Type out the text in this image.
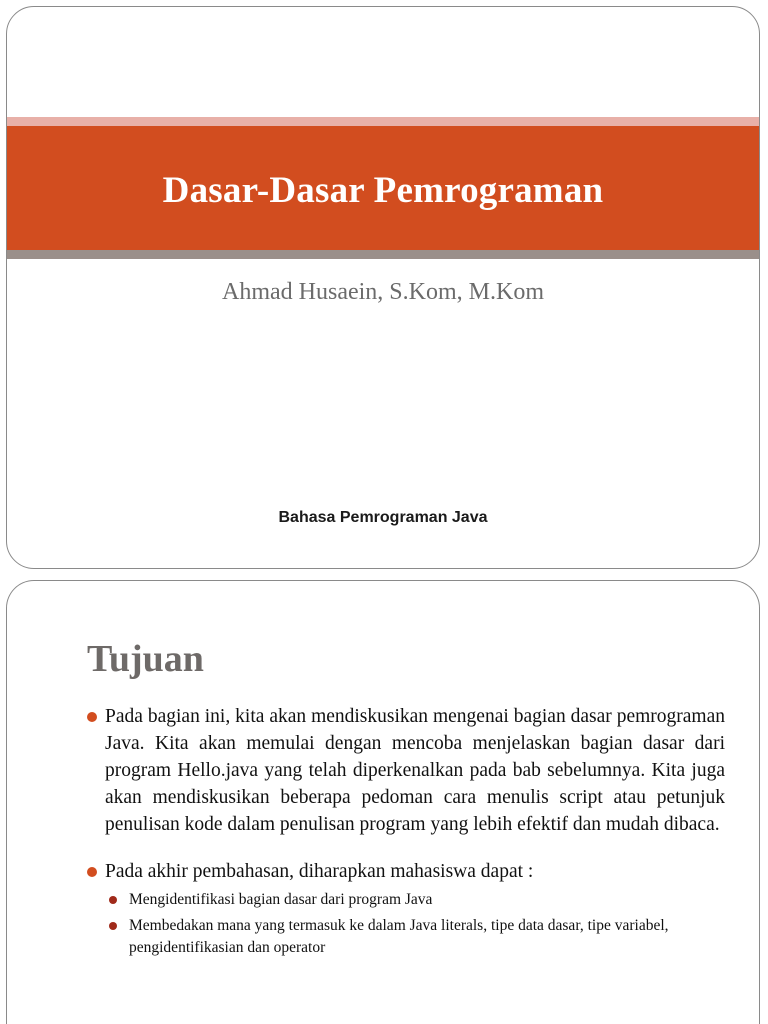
Dasar-Dasar Pemrograman

Ahmad Husaein, S.Kom, M.Kom

Bahasa Pemrograman Java

Tujuan

Pada bagian ini, kita akan mendiskusikan mengenai bagian dasar pemrograman Java. Kita akan memulai dengan mencoba menjelaskan bagian dasar dari program Hello.java yang telah diperkenalkan pada bab sebelumnya. Kita juga akan mendiskusikan beberapa pedoman cara menulis script atau petunjuk penulisan kode dalam penulisan program yang lebih efektif dan mudah dibaca.

Pada akhir pembahasan, diharapkan mahasiswa dapat :

Mengidentifikasi bagian dasar dari program Java
Membedakan mana yang termasuk ke dalam Java literals, tipe data dasar, tipe variabel, pengidentifikasian dan operator
